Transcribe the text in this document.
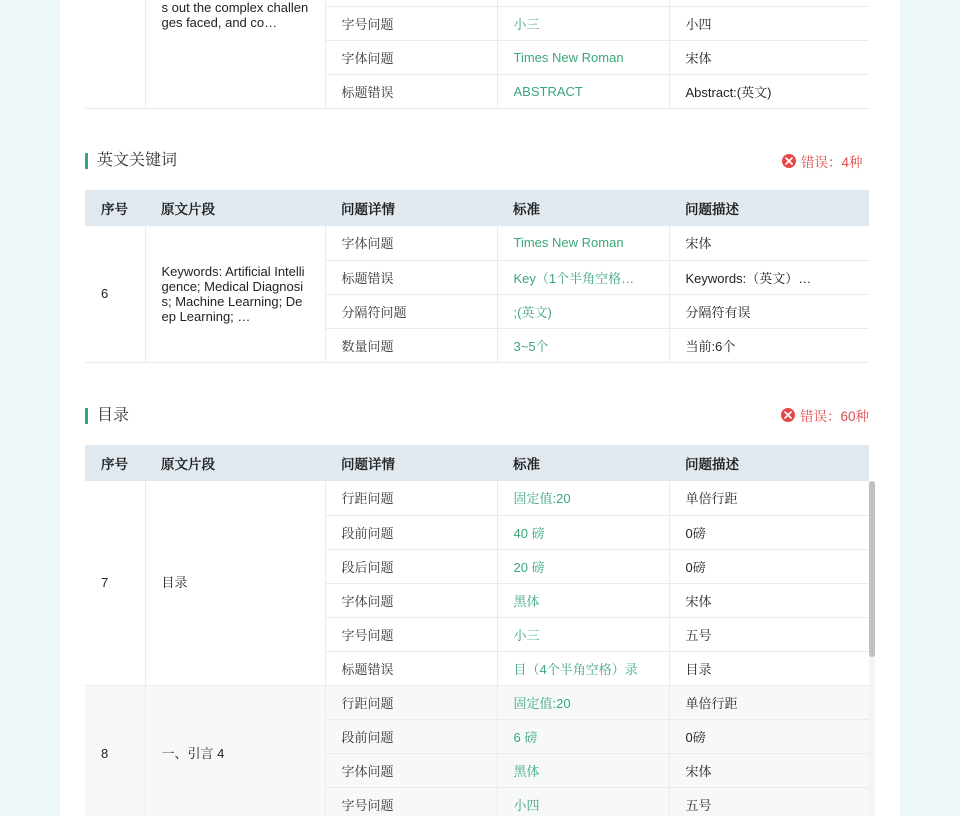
	s out the complex challenges faced, and co…			

		字号问题	小三	小四
		字体问题	Times New Roman	宋体
		标题错误	ABSTRACT	Abstract:(英文)
英文关键词	错误：4种
序号	原文片段	问题详情	标准	问题描述
6	Keywords: Artificial Intelligence; Medical Diagnosis; Machine Learning; Deep Learning; …	字体问题	Times New Roman	宋体
		标题错误	Key（1个半角空格…	Keywords:（英文）…
		分隔符问题	;(英文)	分隔符有误
		数量问题	3~5个	当前:6个
目录	错误：60种
序号	原文片段	问题详情	标准	问题描述
7	目录	行距问题	固定值:20	单倍行距
		段前问题	40 磅	0磅
		段后问题	20 磅	0磅
		字体问题	黑体	宋体
		字号问题	小三	五号
		标题错误	目（4个半角空格）录	目录
8	一、引言 4	行距问题	固定值:20	单倍行距
		段前问题	6 磅	0磅
		字体问题	黑体	宋体
		字号问题	小四	五号
